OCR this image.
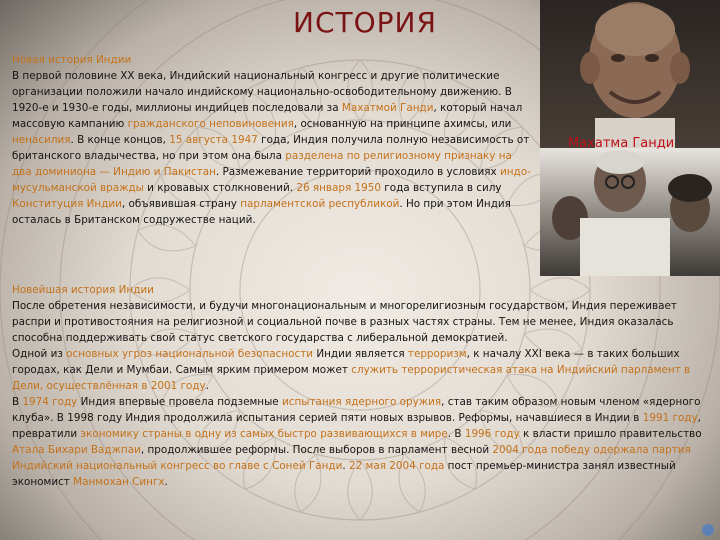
ИСТОРИЯ
Новая история Индии

В первой половине XX века, Индийский национальный конгресс и другие политические организации положили начало индийскому национально-освободительному движению. В 1920-е и 1930-е годы, миллионы индийцев последовали за Махатмой Ганди, который начал массовую кампанию гражданского неповиновения, основанную на принципе ахимсы, или ненасилия. В конце концов, 15 августа 1947 года, Индия получила полную независимость от британского владычества, но при этом она была разделена по религиозному признаку на два доминиона — Индию и Пакистан. Размежевание территорий проходило в условиях индо-мусульманской вражды и кровавых столкновений. 26 января 1950 года вступила в силу Конституция Индии, объявившая страну парламентской республикой. Но при этом Индия осталась в Британском содружестве наций.

Махатма Ганди
Новейшая история Индии

После обретения независимости, и будучи многонациональным и многорелигиозным государством, Индия переживает распри и противостояния на религиозной и социальной почве в разных частях страны. Тем не менее, Индия оказалась способна поддерживать свой статус светского государства с либеральной демократией.

Одной из основных угроз национальной безопасности Индии является терроризм, к началу XXI века — в таких больших городах, как Дели и Мумбаи. Самым ярким примером может служить террористическая атака на Индийский парламент в Дели, осуществлённая в 2001 году.

В 1974 году Индия впервые провела подземные испытания ядерного оружия, став таким образом новым членом «ядерного клуба». В 1998 году Индия продолжила испытания серией пяти новых взрывов. Реформы, начавшиеся в Индии в 1991 году, превратили экономику страны в одну из самых быстро развивающихся в мире. В 1996 году к власти пришло правительство Атала Бихари Ваджпаи, продолжившее реформы. После выборов в парламент весной 2004 года победу одержала партия Индийский национальный конгресс во главе с Соней Ганди. 22 мая 2004 года пост премьер-министра занял известный экономист Манмохан Сингх.
